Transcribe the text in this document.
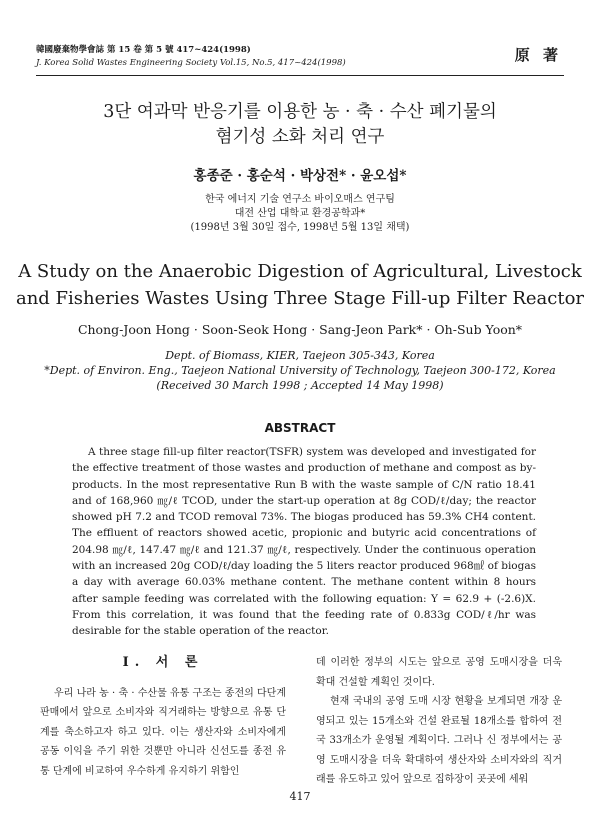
韓國廢棄物學會誌 第 15 卷 第 5 號 417~424(1998)
J. Korea Solid Wastes Engineering Society Vol.15, No.5, 417~424(1998)	原 著
3단 여과막 반응기를 이용한 농 · 축 · 수산 폐기물의
혐기성 소화 처리 연구
홍종준 · 홍순석 · 박상전* · 윤오섭*
한국 에너지 기술 연구소 바이오매스 연구팀
대전 산업 대학교 환경공학과*
(1998년 3월 30일 접수, 1998년 5월 13일 채택)
A Study on the Anaerobic Digestion of Agricultural, Livestock
and Fisheries Wastes Using Three Stage Fill-up Filter Reactor
Chong-Joon Hong · Soon-Seok Hong · Sang-Jeon Park* · Oh-Sub Yoon*
Dept. of Biomass, KIER, Taejeon 305-343, Korea
*Dept. of Environ. Eng., Taejeon National University of Technology, Taejeon 300-172, Korea
(Received 30 March 1998 ; Accepted 14 May 1998)
ABSTRACT
A three stage fill-up filter reactor(TSFR) system was developed and investigated for the effective treatment of those wastes and production of methane and compost as by-products. In the most representative Run B with the waste sample of C/N ratio 18.41 and of 168,960 ㎎/ℓ TCOD, under the start-up operation at 8g COD/ℓ/day; the reactor showed pH 7.2 and TCOD removal 73%. The biogas produced has 59.3% CH4 content. The effluent of reactors showed acetic, propionic and butyric acid concentrations of 204.98 ㎎/ℓ, 147.47 ㎎/ℓ and 121.37 ㎎/ℓ, respectively. Under the continuous operation with an increased 20g COD/ℓ/day loading the 5 liters reactor produced 968㎖ of biogas a day with average 60.03% methane content. The methane content within 8 hours after sample feeding was correlated with the following equation: Y = 62.9 + (-2.6)X. From this correlation, it was found that the feeding rate of 0.833g COD/ℓ/hr was desirable for the stable operation of the reactor.
Ⅰ. 서 론
우리 나라 농 · 축 · 수산물 유통 구조는 종전의 다단계 판매에서 앞으로 소비자와 직거래하는 방향으로 유통 단계를 축소하고자 하고 있다. 이는 생산자와 소비자에게 공동 이익을 주기 위한 것뿐만 아니라 신선도를 종전 유통 단계에 비교하여 우수하게 유지하기 위함인
데 이러한 정부의 시도는 앞으로 공영 도매시장을 더욱 확대 건설할 계획인 것이다.
현재 국내의 공영 도매 시장 현황을 보게되면 개장 운영되고 있는 15개소와 건설 완료될 18개소를 합하여 전국 33개소가 운영될 계획이다. 그러나 신 정부에서는 공영 도매시장을 더욱 확대하여 생산자와 소비자와의 직거래를 유도하고 있어 앞으로 집하장이 곳곳에 세워
417
